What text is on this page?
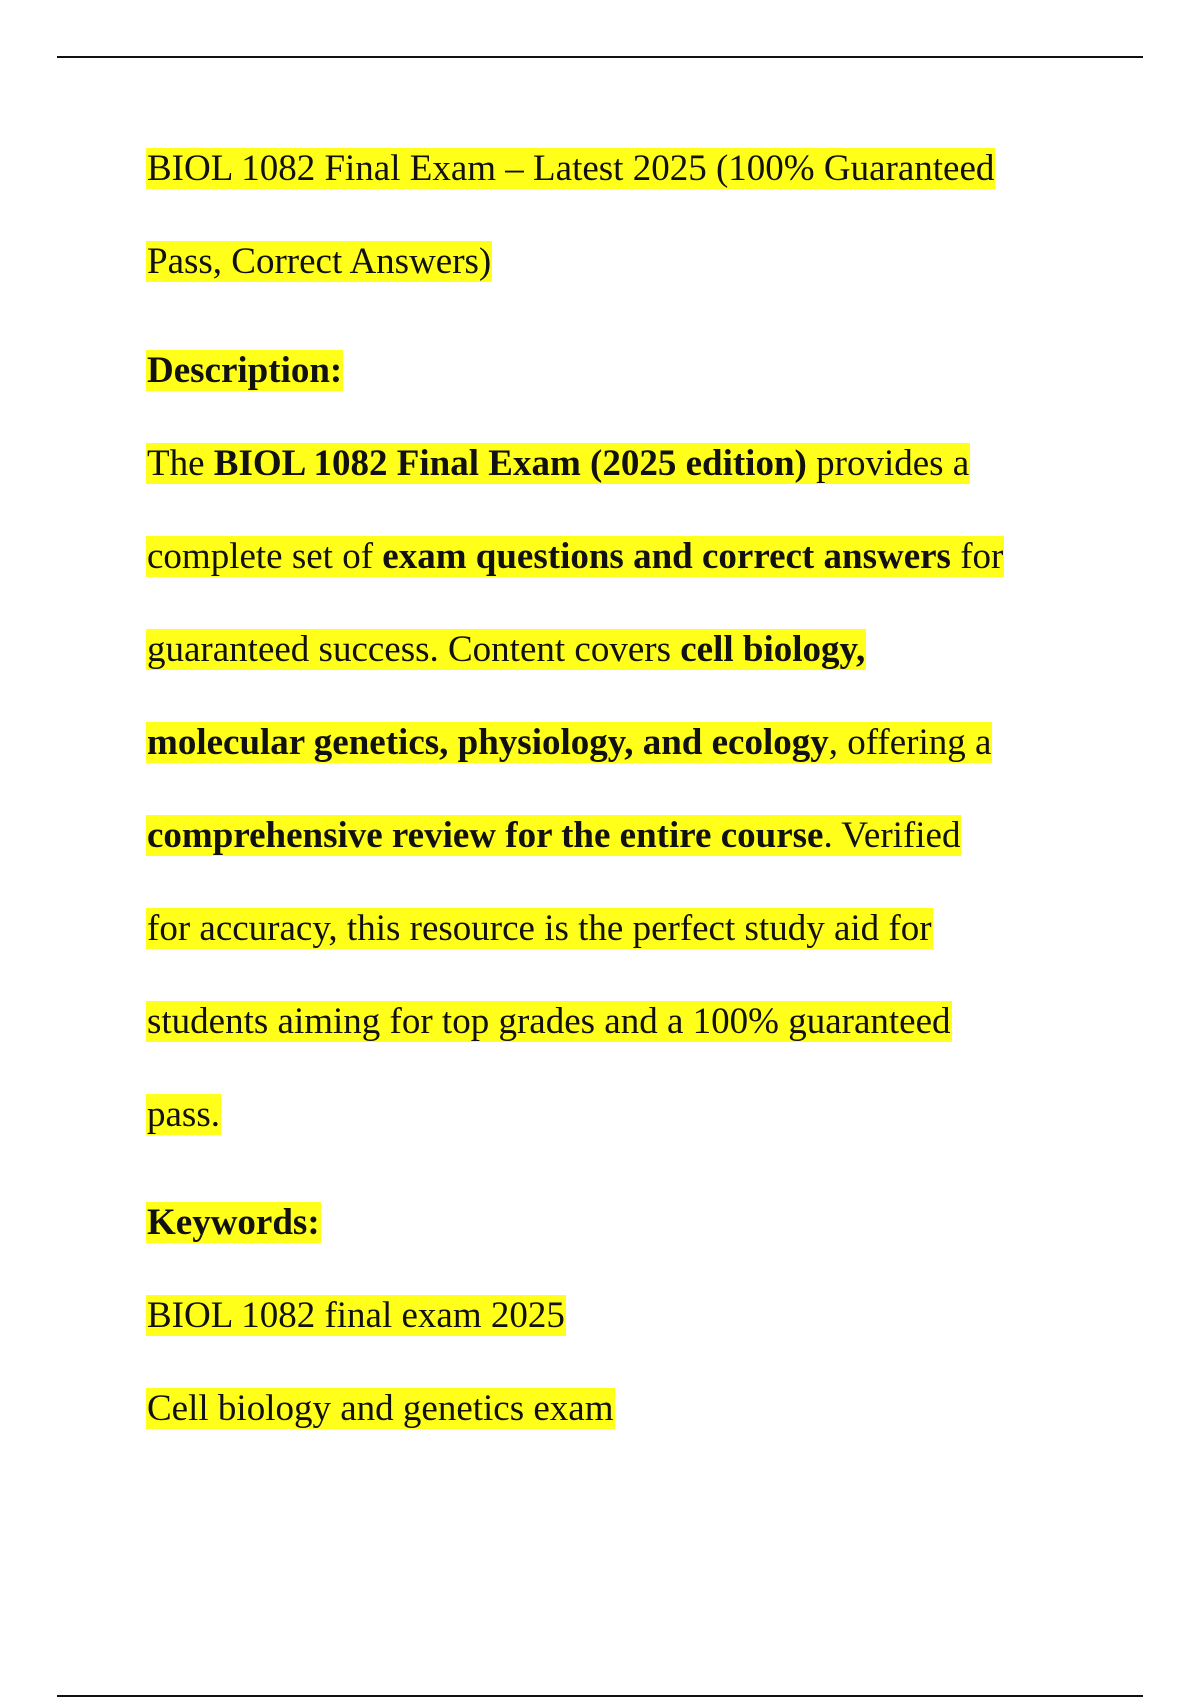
BIOL 1082 Final Exam – Latest 2025 (100% Guaranteed
Pass, Correct Answers)
Description:
The BIOL 1082 Final Exam (2025 edition) provides a
complete set of exam questions and correct answers for
guaranteed success. Content covers cell biology,
molecular genetics, physiology, and ecology, offering a
comprehensive review for the entire course. Verified
for accuracy, this resource is the perfect study aid for
students aiming for top grades and a 100% guaranteed
pass.
Keywords:
BIOL 1082 final exam 2025
Cell biology and genetics exam
